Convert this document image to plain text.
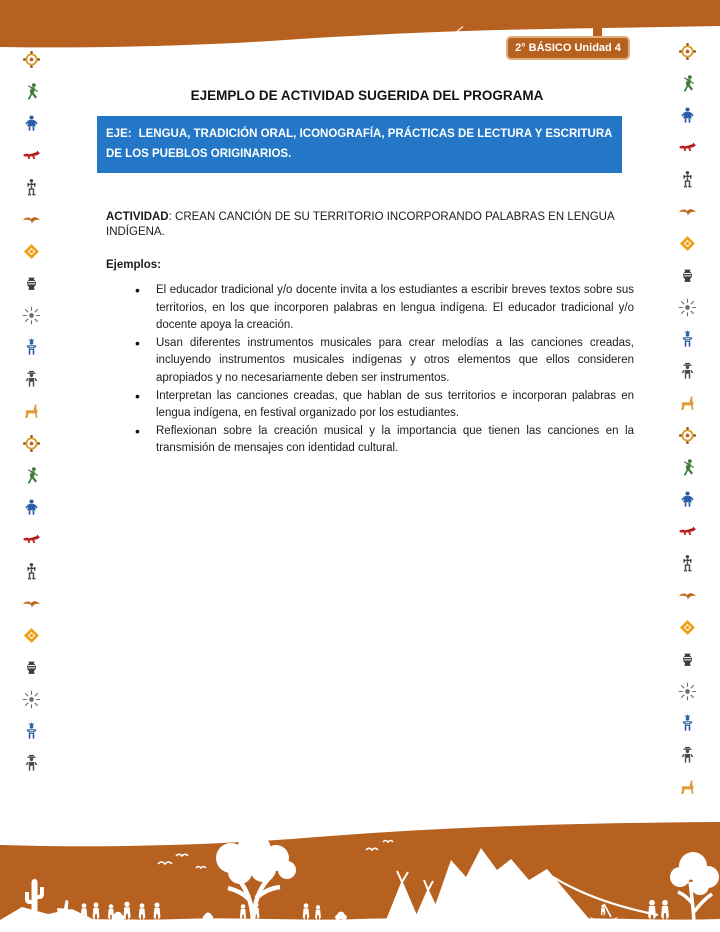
2° BÁSICO Unidad 4
EJEMPLO DE ACTIVIDAD SUGERIDA DEL PROGRAMA
EJE: LENGUA, TRADICIÓN ORAL, ICONOGRAFÍA, PRÁCTICAS DE LECTURA Y ESCRITURA DE LOS PUEBLOS ORIGINARIOS.

ACTIVIDAD: CREAN CANCIÓN DE SU TERRITORIO INCORPORANDO PALABRAS EN LENGUA INDÍGENA.

Ejemplos:

• El educador tradicional y/o docente invita a los estudiantes a escribir breves textos sobre sus territorios, en los que incorporen palabras en lengua indígena. El educador tradicional y/o docente apoya la creación.
• Usan diferentes instrumentos musicales para crear melodías a las canciones creadas, incluyendo instrumentos musicales indígenas y otros elementos que ellos consideren apropiados y no necesariamente deben ser instrumentos.
• Interpretan las canciones creadas, que hablan de sus territorios e incorporan palabras en lengua indígena, en festival organizado por los estudiantes.
• Reflexionan sobre la creación musical y la importancia que tienen las canciones en la transmisión de mensajes con identidad cultural.
